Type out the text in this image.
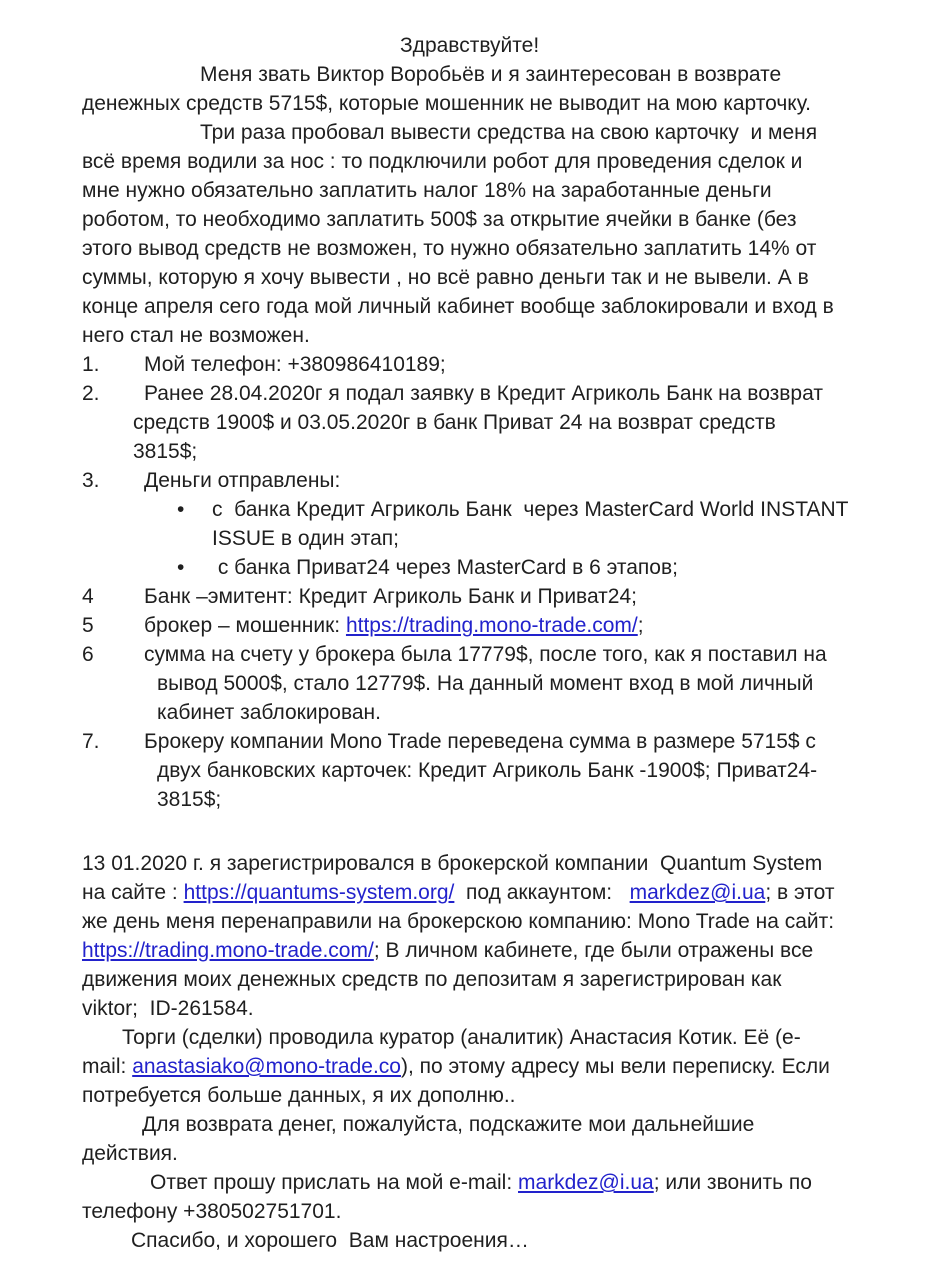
Здравствуйте!
Меня звать Виктор Воробьёв и я заинтересован в возврате
денежных средств 5715$, которые мошенник не выводит на мою карточку.
Три раза пробовал вывести средства на свою карточку  и меня
всё время водили за нос : то подключили робот для проведения сделок и
мне нужно обязательно заплатить налог 18% на заработанные деньги
роботом, то необходимо заплатить 500$ за открытие ячейки в банке (без
этого вывод средств не возможен, то нужно обязательно заплатить 14% от
суммы, которую я хочу вывести , но всё равно деньги так и не вывели. А в
конце апреля сего года мой личный кабинет вообще заблокировали и вход в
него стал не возможен.
1. Мой телефон: +380986410189;
2. Ранее 28.04.2020г я подал заявку в Кредит Агриколь Банк на возврат
средств 1900$ и 03.05.2020г в банк Приват 24 на возврат средств
3815$;
3. Деньги отправлены:
• с  банка Кредит Агриколь Банк  через MasterCard World INSTANT
ISSUE в один этап;
• с банка Приват24 через MasterCard в 6 этапов;
4 Банк –эмитент: Кредит Агриколь Банк и Приват24;
5 брокер – мошенник: https://trading.mono-trade.com/;
6 сумма на счету у брокера была 17779$, после того, как я поставил на
вывод 5000$, стало 12779$. На данный момент вход в мой личный
кабинет заблокирован.
7. Брокеру компании Mono Trade переведена сумма в размере 5715$ с
двух банковских карточек: Кредит Агриколь Банк -1900$; Приват24-
3815$;
13 01.2020 г. я зарегистрировался в брокерской компании  Quantum System
на сайте : https://quantums-system.org/  под аккаунтом:   markdez@i.ua; в этот
же день меня перенаправили на брокерскою компанию: Mono Trade на сайт:
https://trading.mono-trade.com/; В личном кабинете, где были отражены все
движения моих денежных средств по депозитам я зарегистрирован как
viktor;  ID-261584.
Торги (сделки) проводила куратор (аналитик) Анастасия Котик. Её (e-
mail: anastasiako@mono-trade.co), по этому адресу мы вели переписку. Если
потребуется больше данных, я их дополню..
Для возврата денег, пожалуйста, подскажите мои дальнейшие
действия.
Ответ прошу прислать на мой e-mail: markdez@i.ua; или звонить по
телефону +380502751701.
Спасибо, и хорошего  Вам настроения…
